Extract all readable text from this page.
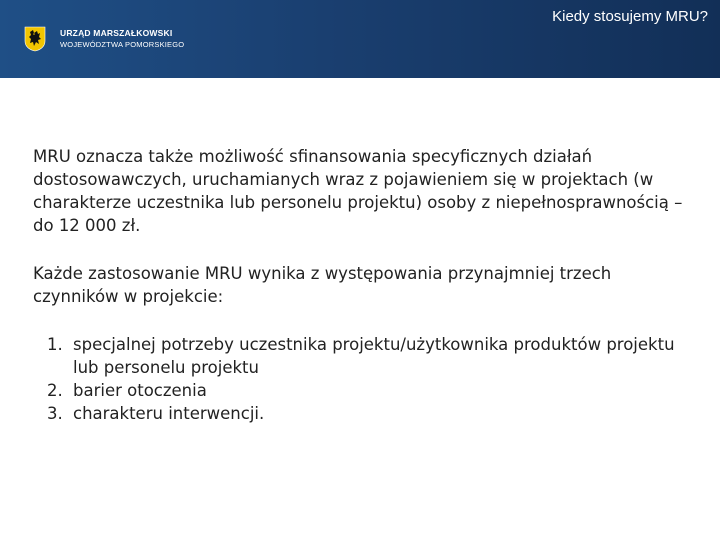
URZĄD MARSZAŁKOWSKI
WOJEWÓDZTWA POMORSKIEGO
Kiedy stosujemy MRU?

MRU oznacza także możliwość sfinansowania specyficznych działań dostosowawczych, uruchamianych wraz z pojawieniem się w projektach (w charakterze uczestnika lub personelu projektu) osoby z niepełnosprawnością – do 12 000 zł.

Każde zastosowanie MRU wynika z występowania przynajmniej trzech czynników w projekcie:

1. specjalnej potrzeby uczestnika projektu/użytkownika produktów projektu lub personelu projektu
2. barier otoczenia
3. charakteru interwencji.
